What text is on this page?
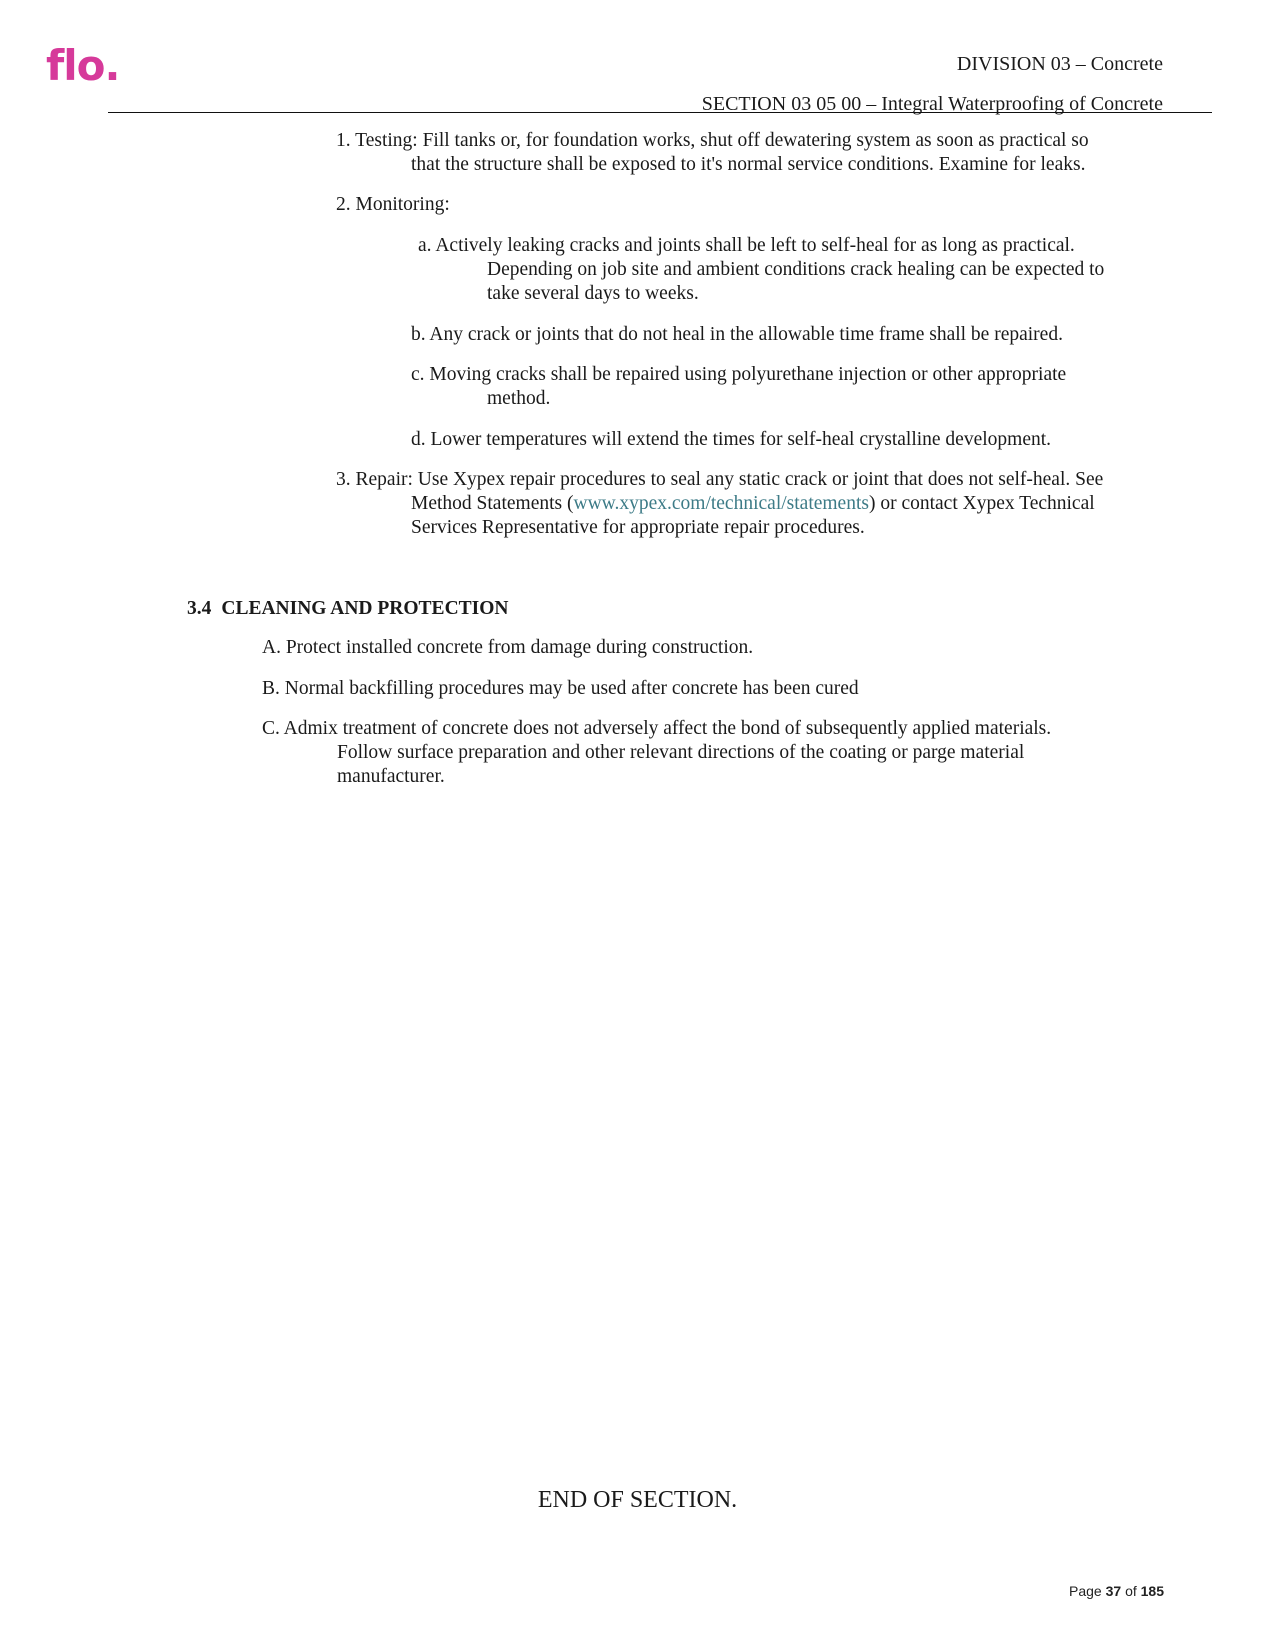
flo.	DIVISION 03 – Concrete
SECTION 03 05 00 – Integral Waterproofing of Concrete
1. Testing: Fill tanks or, for foundation works, shut off dewatering system as soon as practical so
that the structure shall be exposed to it's normal service conditions. Examine for leaks.
2. Monitoring:
a. Actively leaking cracks and joints shall be left to self-heal for as long as practical.
Depending on job site and ambient conditions crack healing can be expected to
take several days to weeks.
b. Any crack or joints that do not heal in the allowable time frame shall be repaired.
c. Moving cracks shall be repaired using polyurethane injection or other appropriate
method.
d. Lower temperatures will extend the times for self-heal crystalline development.
3. Repair: Use Xypex repair procedures to seal any static crack or joint that does not self-heal. See
Method Statements (www.xypex.com/technical/statements) or contact Xypex Technical
Services Representative for appropriate repair procedures.
3.4 CLEANING AND PROTECTION
A. Protect installed concrete from damage during construction.
B. Normal backfilling procedures may be used after concrete has been cured
C. Admix treatment of concrete does not adversely affect the bond of subsequently applied materials.
Follow surface preparation and other relevant directions of the coating or parge material
manufacturer.
END OF SECTION.
Page 37 of 185
